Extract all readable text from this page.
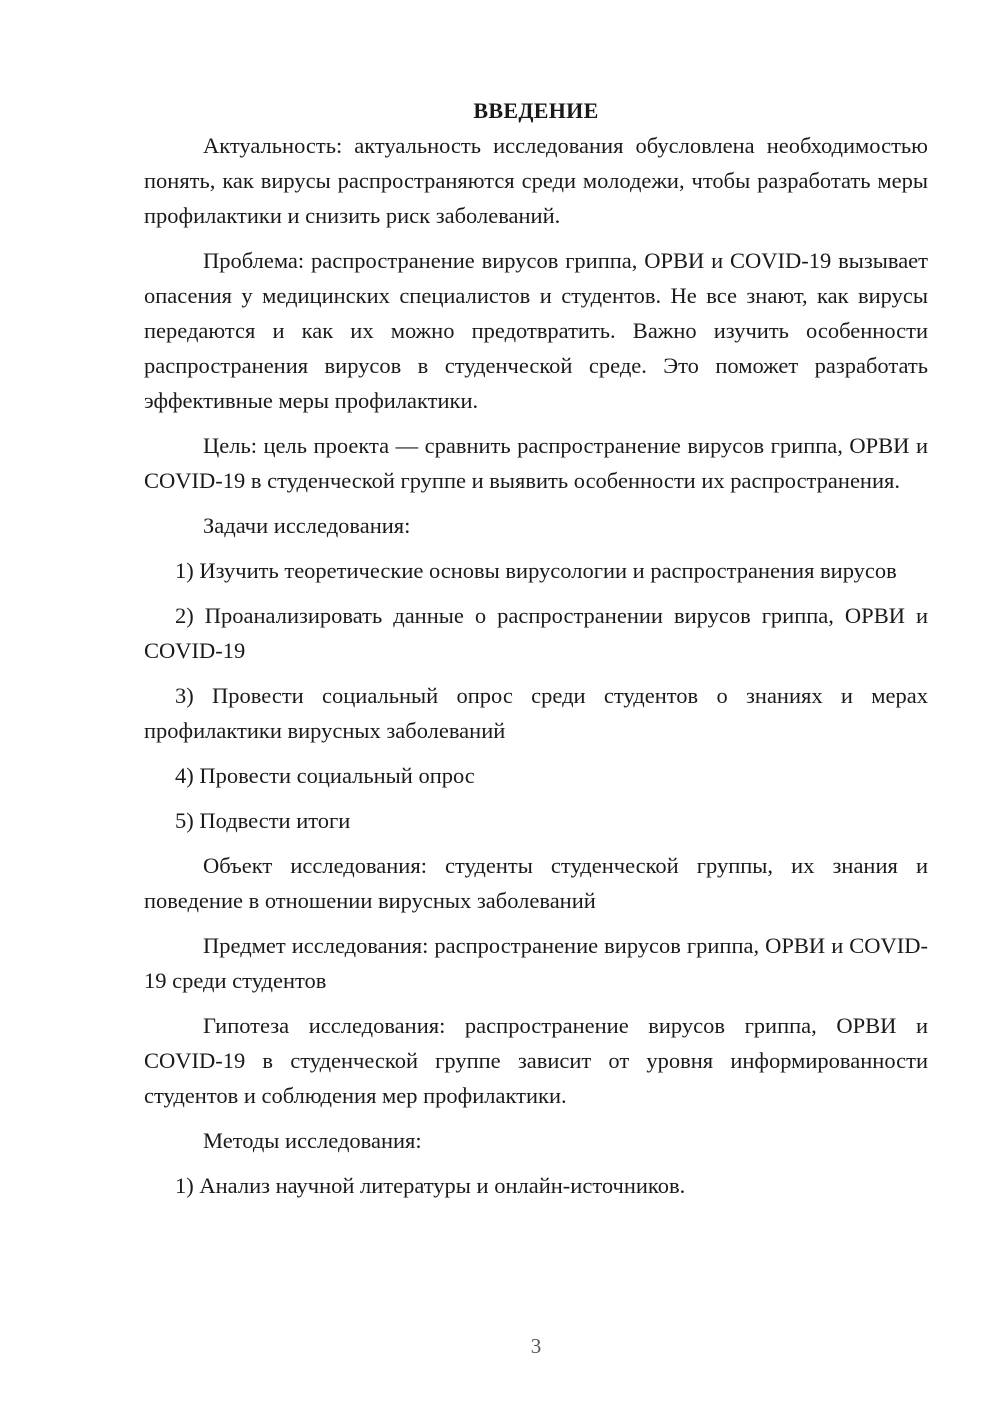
ВВЕДЕНИЕ

Актуальность: актуальность исследования обусловлена необходимостью понять, как вирусы распространяются среди молодежи, чтобы разработать меры профилактики и снизить риск заболеваний.

Проблема: распространение вирусов гриппа, ОРВИ и COVID-19 вызывает опасения у медицинских специалистов и студентов. Не все знают, как вирусы передаются и как их можно предотвратить. Важно изучить особенности распространения вирусов в студенческой среде. Это поможет разработать эффективные меры профилактики.

Цель: цель проекта — сравнить распространение вирусов гриппа, ОРВИ и COVID-19 в студенческой группе и выявить особенности их распространения.

Задачи исследования:

1) Изучить теоретические основы вирусологии и распространения вирусов

2) Проанализировать данные о распространении вирусов гриппа, ОРВИ и COVID-19

3) Провести социальный опрос среди студентов о знаниях и мерах профилактики вирусных заболеваний

4) Провести социальный опрос

5) Подвести итоги

Объект исследования: студенты студенческой группы, их знания и поведение в отношении вирусных заболеваний

Предмет исследования: распространение вирусов гриппа, ОРВИ и COVID-19 среди студентов

Гипотеза исследования: распространение вирусов гриппа, ОРВИ и COVID-19 в студенческой группе зависит от уровня информированности студентов и соблюдения мер профилактики.

Методы исследования:

1) Анализ научной литературы и онлайн-источников.

3
